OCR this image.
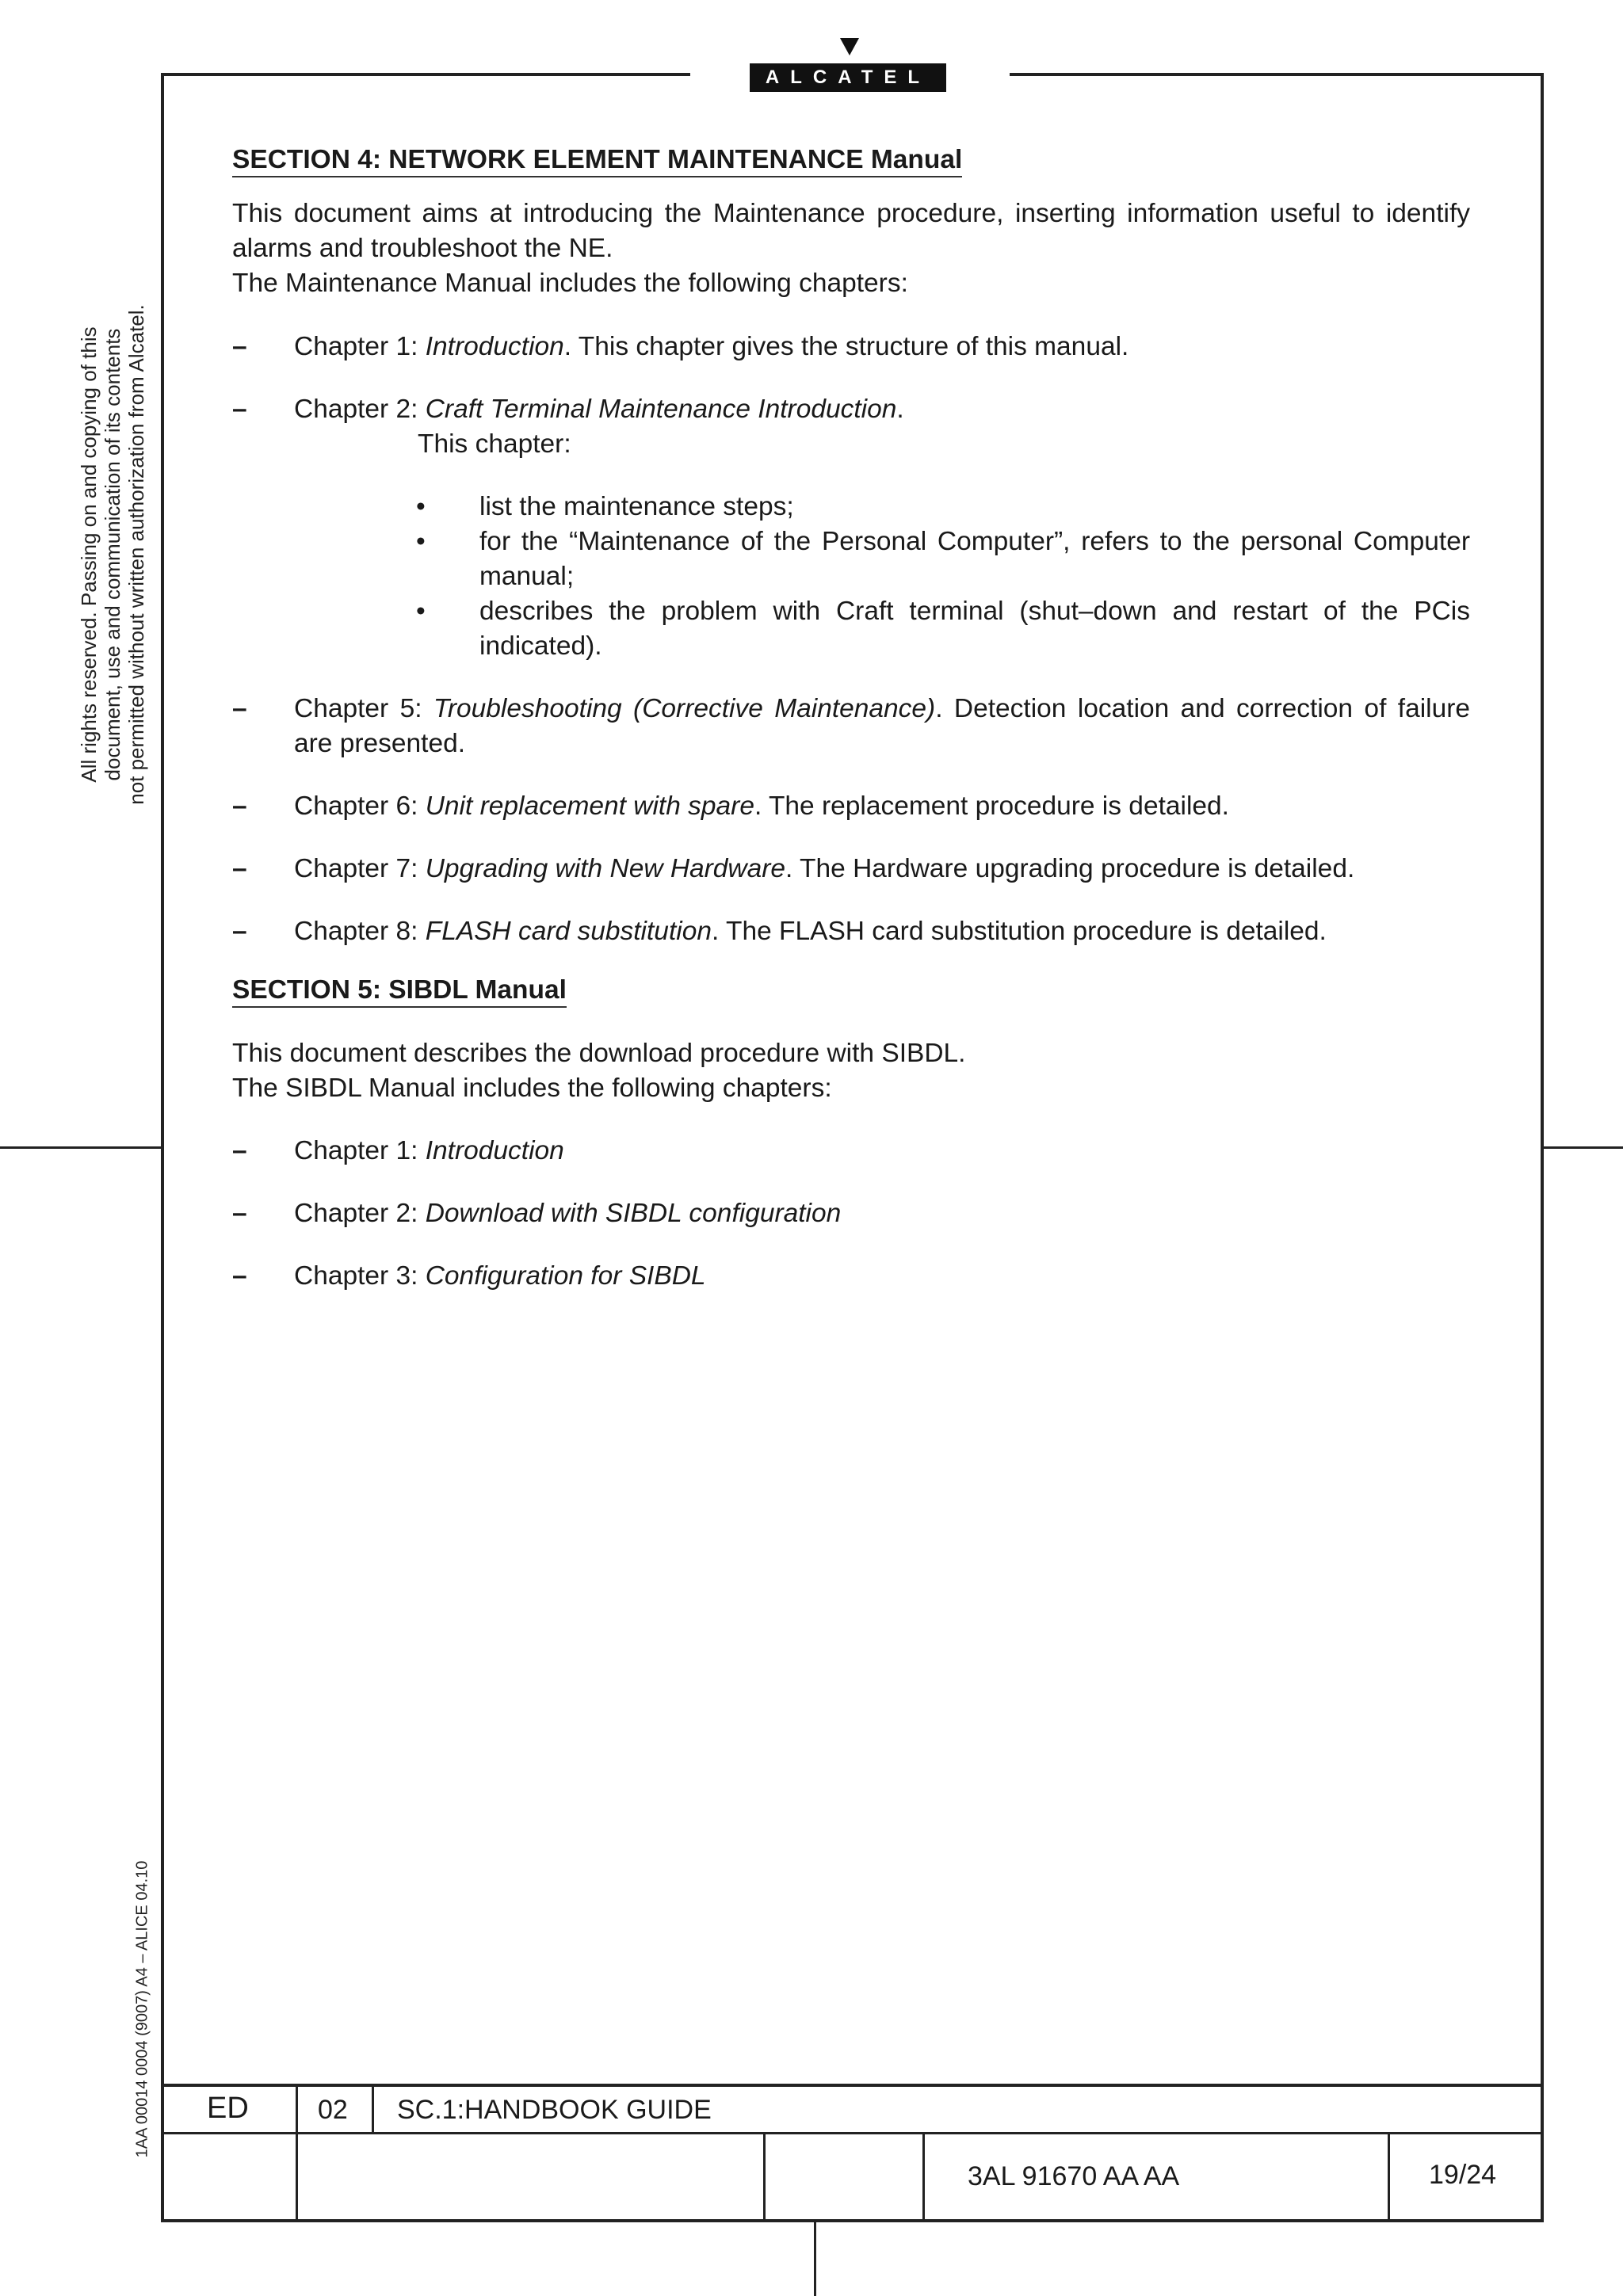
ALCATEL
All rights reserved. Passing on and copying of this document, use and communication of its contents not permitted without written authorization from Alcatel.
1AA 00014 0004 (9007) A4 – ALICE 04.10
SECTION 4: NETWORK ELEMENT MAINTENANCE Manual

This document aims at introducing the Maintenance procedure, inserting information useful to identify alarms and troubleshoot the NE.

The Maintenance Manual includes the following chapters:

– Chapter 1: Introduction. This chapter gives the structure of this manual.
– Chapter 2: Craft Terminal Maintenance Introduction.
This chapter:
• list the maintenance steps;
• for the “Maintenance of the Personal Computer”, refers to the personal Computer manual;
• describes the problem with Craft terminal (shut–down and restart of the PCis indicated).
– Chapter 5: Troubleshooting (Corrective Maintenance). Detection location and correction of failure are presented.
– Chapter 6: Unit replacement with spare. The replacement procedure is detailed.
– Chapter 7: Upgrading with New Hardware. The Hardware upgrading procedure is detailed.
– Chapter 8: FLASH card substitution. The FLASH card substitution procedure is detailed.
SECTION 5: SIBDL Manual

This document describes the download procedure with SIBDL.

The SIBDL Manual includes the following chapters:

– Chapter 1: Introduction
– Chapter 2: Download with SIBDL configuration
– Chapter 3: Configuration for SIBDL
ED	02 SC.1:HANDBOOK GUIDE
3AL 91670 AA AA	19/24
